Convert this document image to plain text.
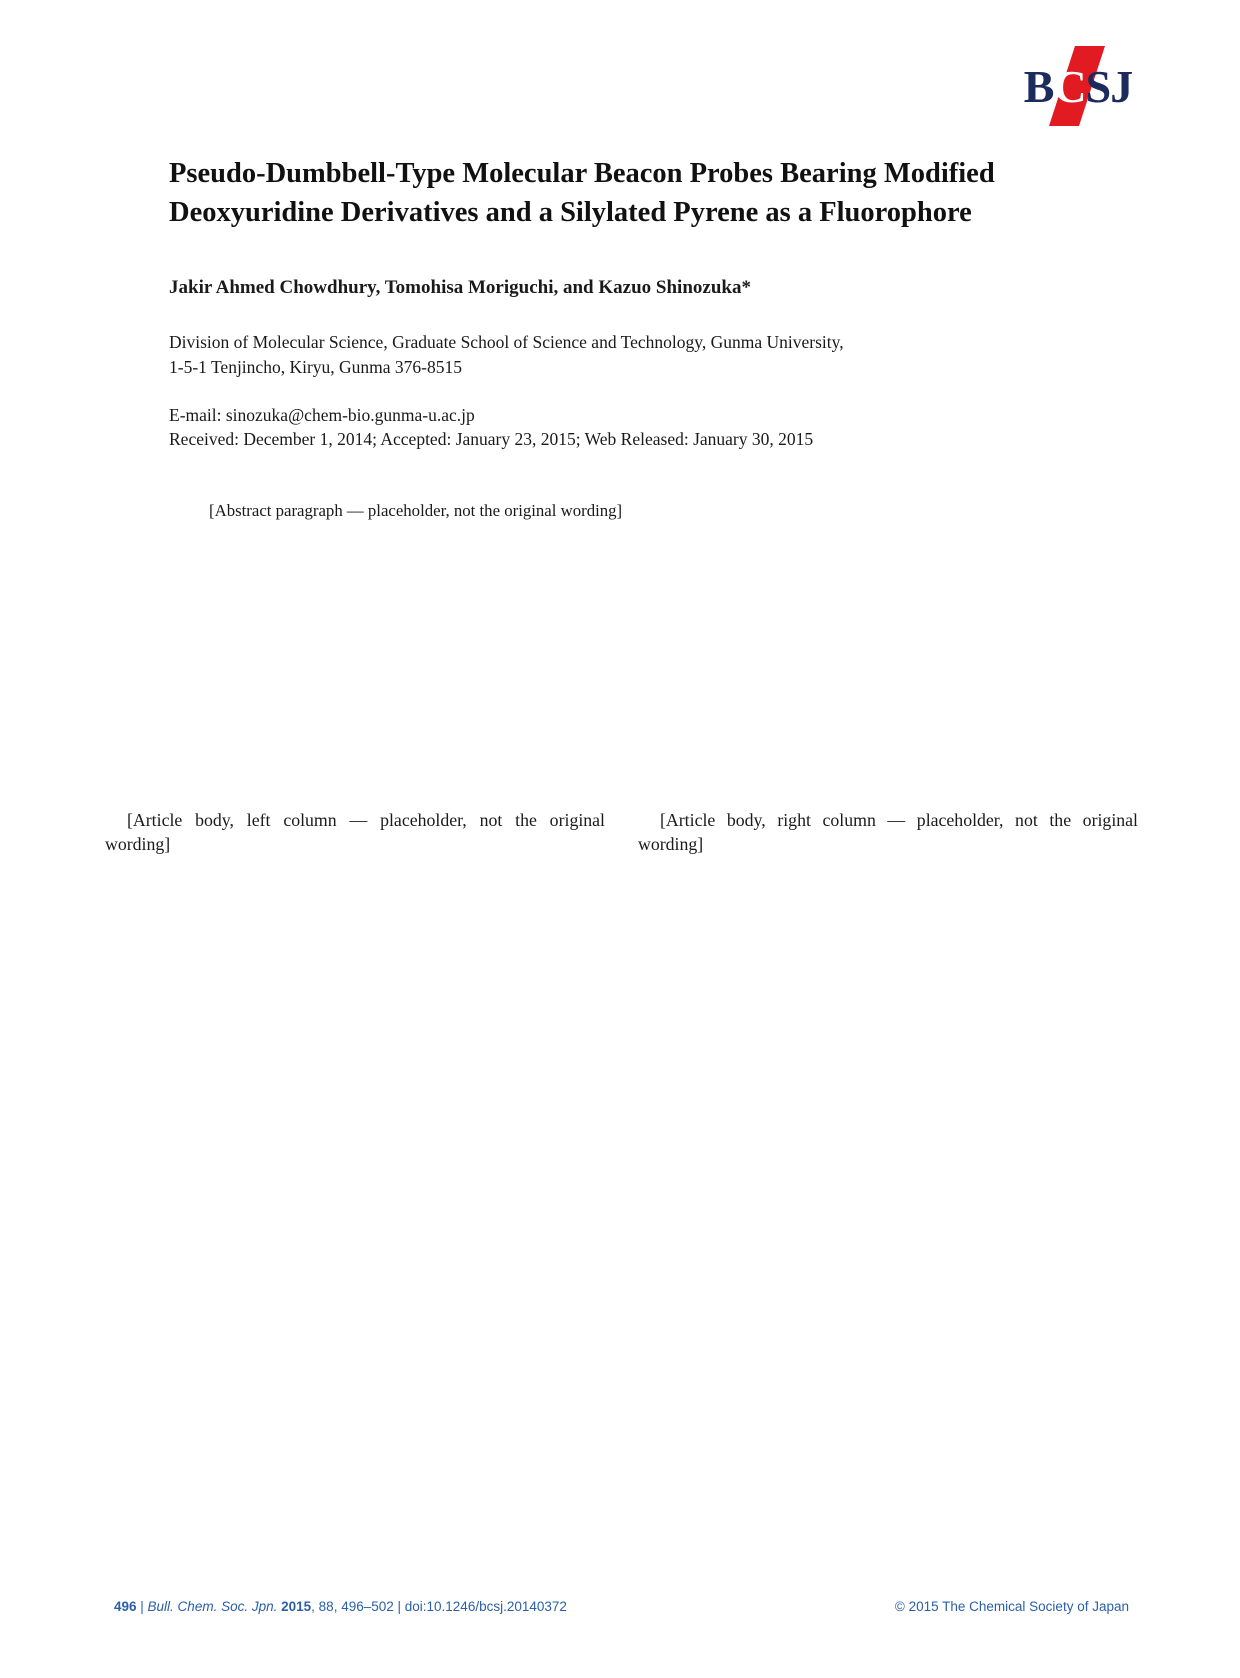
BCSJ
Pseudo-Dumbbell-Type Molecular Beacon Probes Bearing Modified Deoxyuridine Derivatives and a Silylated Pyrene as a Fluorophore
Jakir Ahmed Chowdhury, Tomohisa Moriguchi, and Kazuo Shinozuka*
Division of Molecular Science, Graduate School of Science and Technology, Gunma University,
1-5-1 Tenjincho, Kiryu, Gunma 376-8515
E-mail: sinozuka@chem-bio.gunma-u.ac.jp
Received: December 1, 2014; Accepted: January 23, 2015; Web Released: January 30, 2015

[Abstract paragraph — placeholder, not the original wording]

[Article body, left column — placeholder, not the original wording]

[Article body, right column — placeholder, not the original wording]

496 | Bull. Chem. Soc. Jpn. 2015, 88, 496–502 | doi:10.1246/bcsj.20140372	© 2015 The Chemical Society of Japan
